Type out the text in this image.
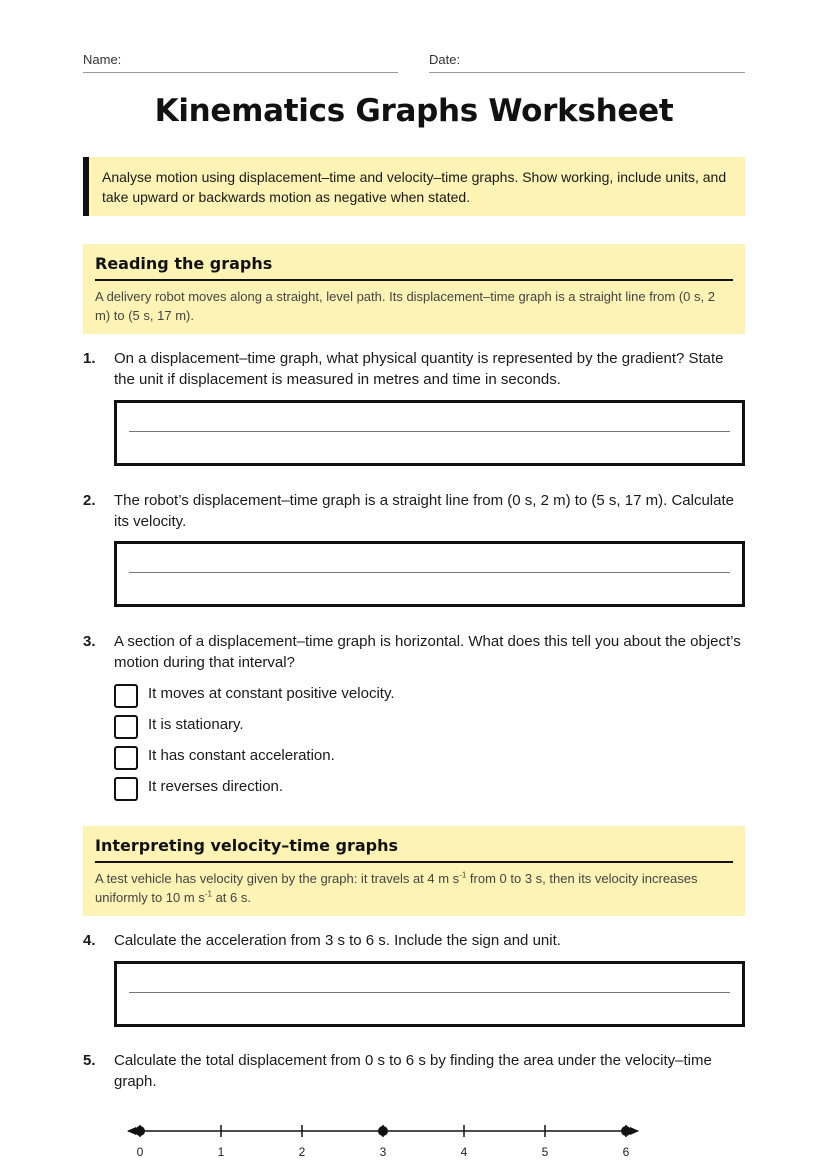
Name:	Date:
Kinematics Graphs Worksheet
Analyse motion using displacement–time and velocity–time graphs. Show working, include units, and take upward or backwards motion as negative when stated.
Reading the graphs

A delivery robot moves along a straight, level path. Its displacement–time graph is a straight line from (0 s, 2 m) to (5 s, 17 m).

1. On a displacement–time graph, what physical quantity is represented by the gradient? State the unit if displacement is measured in metres and time in seconds.
2. The robot’s displacement–time graph is a straight line from (0 s, 2 m) to (5 s, 17 m). Calculate its velocity.
3. A section of a displacement–time graph is horizontal. What does this tell you about the object’s motion during that interval?
It moves at constant positive velocity.
It is stationary.
It has constant acceleration.
It reverses direction.
Interpreting velocity–time graphs

A test vehicle has velocity given by the graph: it travels at 4 m $s^{-1}$ from 0 to 3 s, then its velocity increases uniformly to 10 m $s^{-1}$ at 6 s.

4. Calculate the acceleration from 3 s to 6 s. Include the sign and unit.
5. Calculate the total displacement from 0 s to 6 s by finding the area under the velocity–time graph.
0	1	2	3	4	5	6
